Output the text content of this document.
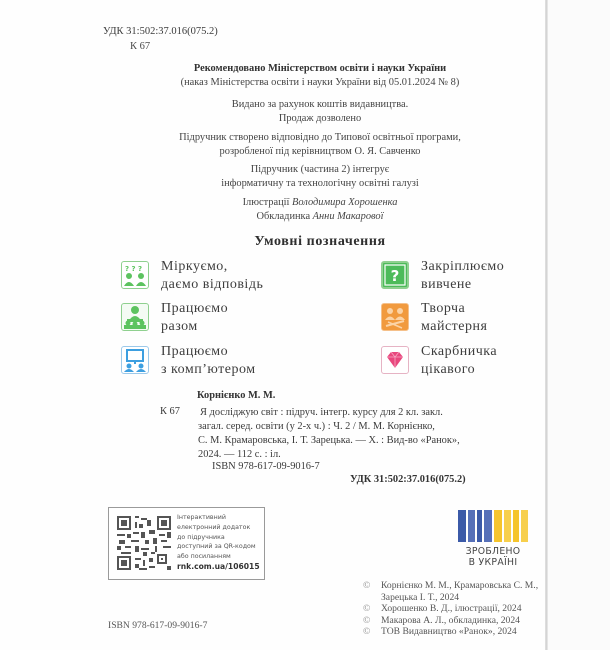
УДК 31:502:37.016(075.2)
К 67
Рекомендовано Міністерством освіти і науки України
(наказ Міністерства освіти і науки України від 05.01.2024 № 8)
Видано за рахунок коштів видавництва.
Продаж дозволено
Підручник створено відповідно до Типової освітньої програми,
розробленої під керівництвом О. Я. Савченко
Підручник (частина 2) інтегрує
інформатичну та технологічну освітні галузі
Ілюстрації Володимира Хорошенка
Обкладинка Анни Макарової
Умовні позначення
? ? ? Міркуємо,
даємо відповідь
Працюємо
разом
Працюємо
з комп’ютером
?
Закріплюємо
вивчене
Творча
майстерня
Скарбничка
цікавого
Корнієнко М. М.
К 67 Я досліджую світ : підруч. інтегр. курсу для 2 кл. закл.
загал. серед. освіти (у 2-х ч.) : Ч. 2 / М. М. Корнієнко,
С. М. Крамаровська, І. Т. Зарецька. — Х. : Вид-во «Ранок»,
2024. — 112 с. : іл.
ISBN 978-617-09-9016-7
УДК 31:502:37.016(075.2)
Інтерактивний
електронний додаток
до підручника
доступний за QR-кодом
або посиланням
rnk.com.ua/106015
ЗРОБЛЕНО
В УКРАЇНІ
© Корнієнко М. М., Крамаровська С. М.,
Зарецька І. Т., 2024
© Хорошенко В. Д., ілюстрації, 2024
© Макарова А. Л., обкладинка, 2024
© ТОВ Видавництво «Ранок», 2024
ISBN 978-617-09-9016-7
